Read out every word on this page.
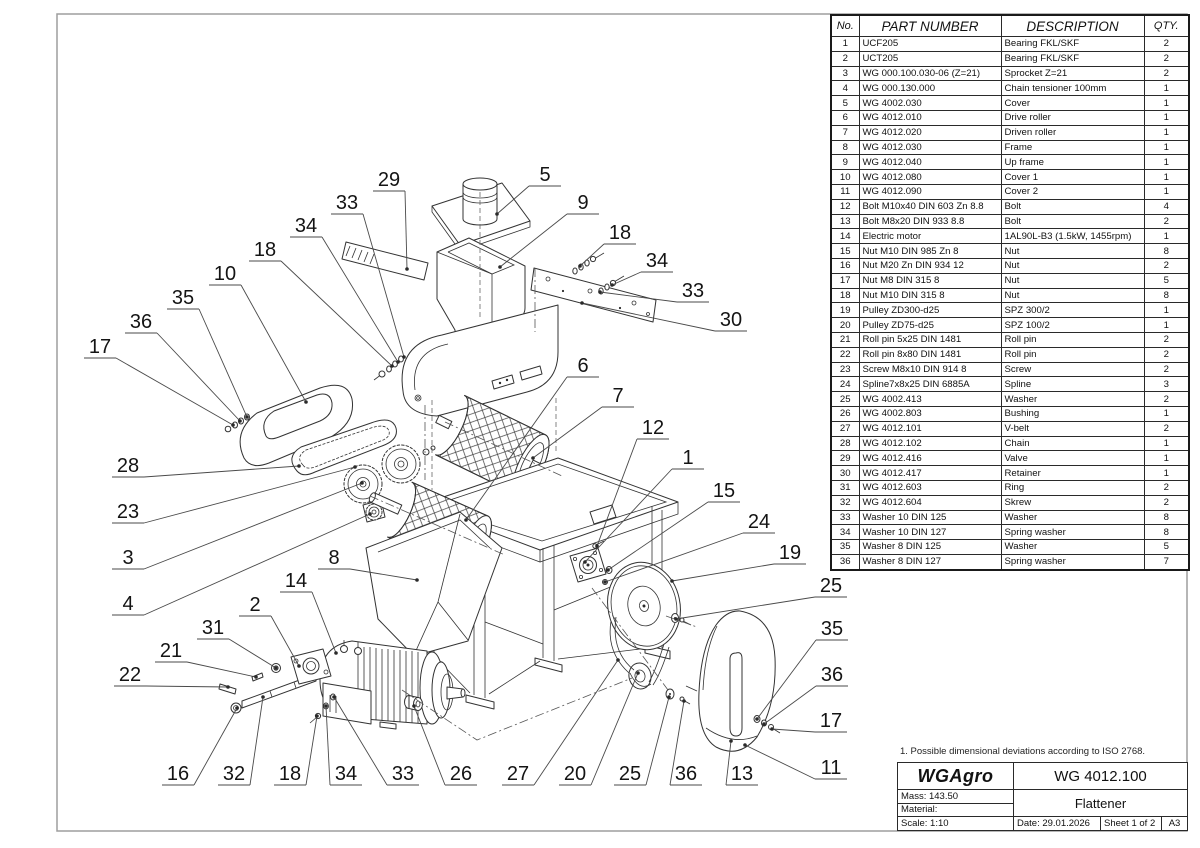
17
36
35
10
18
34
33
29	5
9
18
34
33
30
6
7
12
1
15
24
19
25
35
36
17
11
28
23
3
4	2
31
21
22
14
8
16 32 18 34 33 26 27 20 25 36 13
No.	PART NUMBER	DESCRIPTION	QTY.
1	UCF205	Bearing FKL/SKF	2
2	UCT205	Bearing FKL/SKF	2
3	WG 000.100.030-06 (Z=21)	Sprocket Z=21	2
4	WG 000.130.000	Chain tensioner 100mm	1
5	WG 4002.030	Cover	1
6	WG 4012.010	Drive roller	1
7	WG 4012.020	Driven roller	1
8	WG 4012.030	Frame	1
9	WG 4012.040	Up frame	1
10	WG 4012.080	Cover 1	1
11	WG 4012.090	Cover 2	1
12	Bolt M10x40 DIN 603 Zn 8.8	Bolt	4
13	Bolt M8x20 DIN 933 8.8	Bolt	2
14	Electric motor	1AL90L-B3 (1.5kW, 1455rpm)	1
15	Nut M10 DIN 985 Zn 8	Nut	8
16	Nut M20 Zn DIN 934 12	Nut	2
17	Nut M8 DIN 315 8	Nut	5
18	Nut M10 DIN 315 8	Nut	8
19	Pulley ZD300-d25	SPZ 300/2	1
20	Pulley ZD75-d25	SPZ 100/2	1
21	Roll pin 5x25 DIN 1481	Roll pin	2
22	Roll pin 8x80 DIN 1481	Roll pin	2
23	Screw M8x10 DIN 914 8	Screw	2
24	Spline7x8x25 DIN 6885A	Spline	3
25	WG 4002.413	Washer	2
26	WG 4002.803	Bushing	1
27	WG 4012.101	V-belt	2
28	WG 4012.102	Chain	1
29	WG 4012.416	Valve	1
30	WG 4012.417	Retainer	1
31	WG 4012.603	Ring	2
32	WG 4012.604	Skrew	2
33	Washer 10 DIN 125	Washer	8
34	Washer 10 DIN 127	Spring washer	8
35	Washer 8 DIN 125	Washer	5
36	Washer 8 DIN 127	Spring washer	7
1. Possible dimensional deviations according to ISO 2768.
WGAgro	WG 4012.100
Mass: 143.50
Material:	Flattener
Scale: 1:10	Date: 29.01.2026	Sheet 1 of 2	A3
